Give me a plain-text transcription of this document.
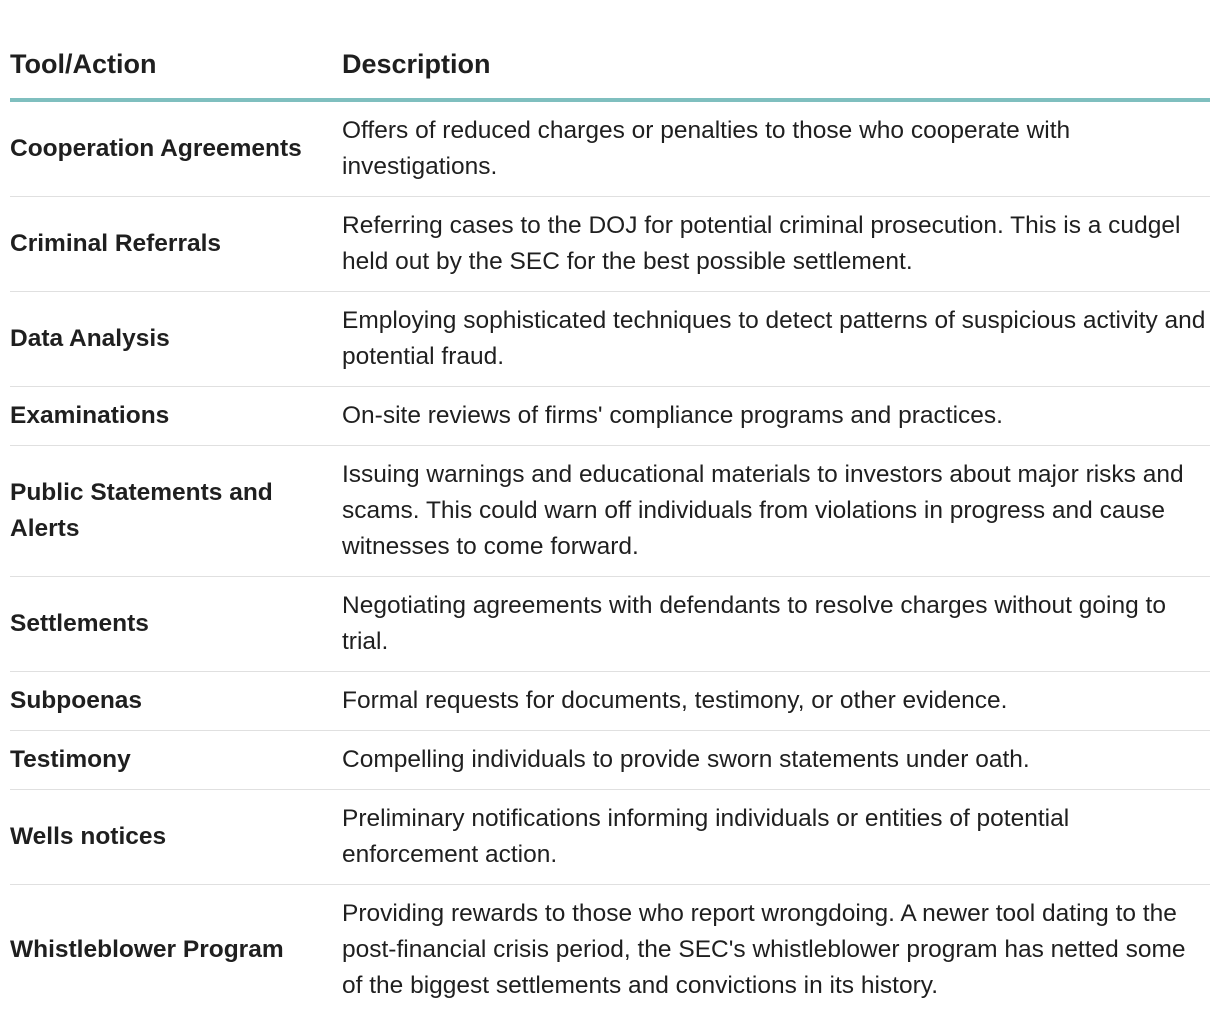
Tool/Action	Description
Cooperation Agreements	Offers of reduced charges or penalties to those who cooperate with investigations.
Criminal Referrals	Referring cases to the DOJ for potential criminal prosecution. This is a cudgel held out by the SEC for the best possible settlement.
Data Analysis	Employing sophisticated techniques to detect patterns of suspicious activity and potential fraud.
Examinations	On-site reviews of firms' compliance programs and practices.
Public Statements and Alerts	Issuing warnings and educational materials to investors about major risks and scams. This could warn off individuals from violations in progress and cause witnesses to come forward.
Settlements	Negotiating agreements with defendants to resolve charges without going to trial.
Subpoenas	Formal requests for documents, testimony, or other evidence.
Testimony	Compelling individuals to provide sworn statements under oath.
Wells notices	Preliminary notifications informing individuals or entities of potential enforcement action.
Whistleblower Program	Providing rewards to those who report wrongdoing. A newer tool dating to the post-financial crisis period, the SEC's whistleblower program has netted some of the biggest settlements and convictions in its history.
